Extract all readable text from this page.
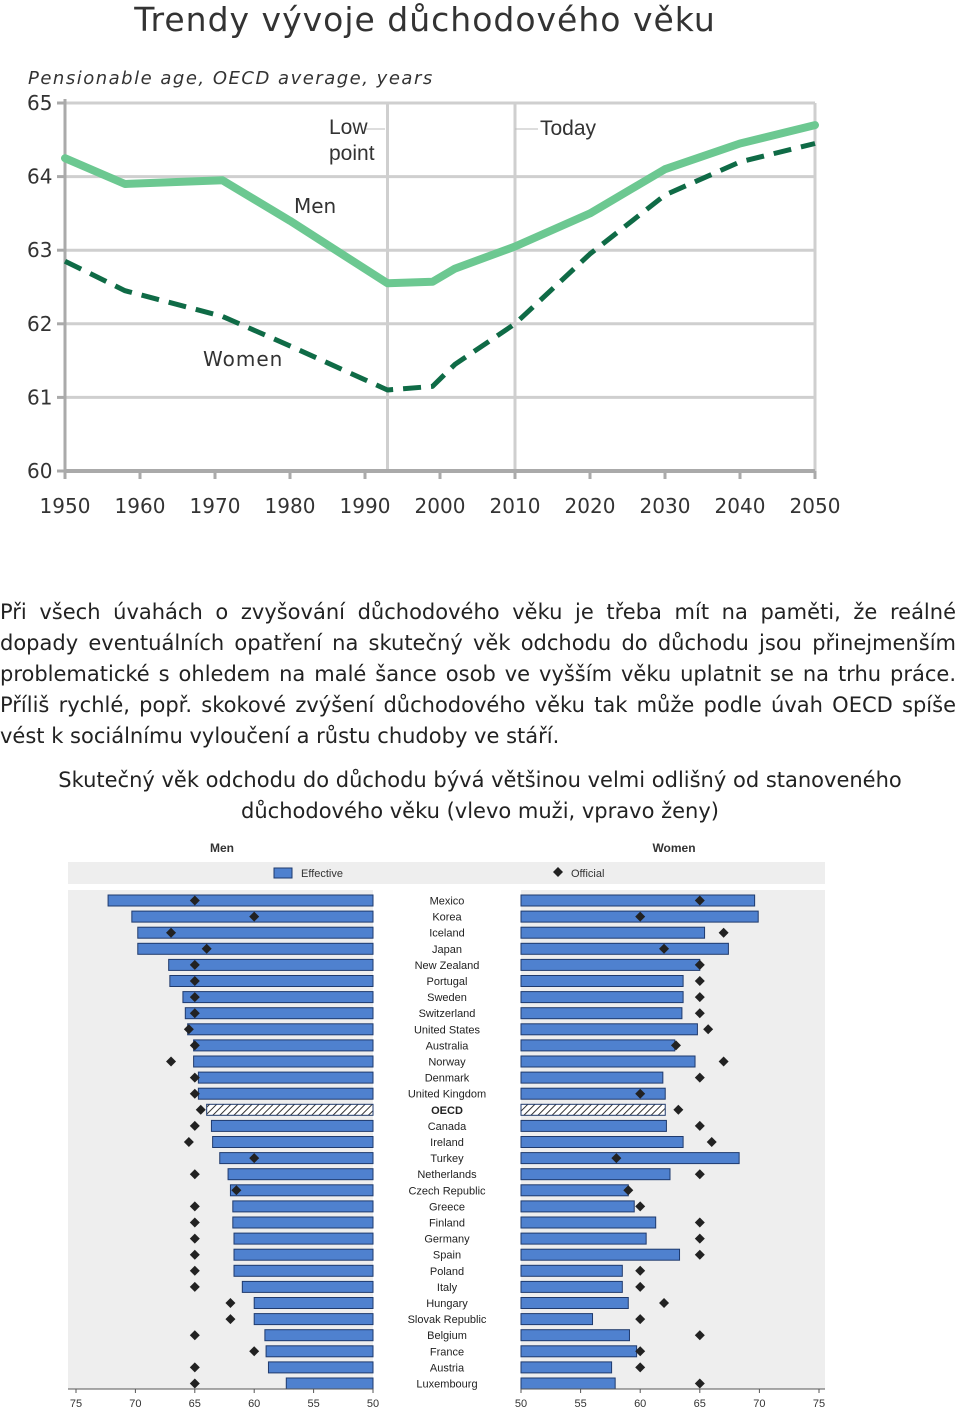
Trendy vývoje důchodového věku
Pensionable age, OECD average, years
60
61
62
63
64
65
1950 1960 1970 1980 1990 2000 2010 2020 2030 2040 2050
Low
point
Today
Men
Women
Při všech úvahách o zvyšování důchodového věku je třeba mít na paměti, že reálné dopady eventuálních opatření na skutečný věk odchodu do důchodu jsou přinejmenším problematické s ohledem na malé šance osob ve vyšším věku uplatnit se na trhu práce. Příliš rychlé, popř. skokové zvýšení důchodového věku tak může podle úvah OECD spíše vést k sociálnímu vyloučení a růstu chudoby ve stáří.
Skutečný věk odchodu do důchodu bývá většinou velmi odlišný od stanoveného důchodového věku (vlevo muži, vpravo ženy)
Men	Women
Effective	Official
Mexico
Korea
Iceland
Japan
New Zealand
Portugal
Sweden
Switzerland
United States
Australia
Norway
Denmark
United Kingdom
OECD
Canada
Ireland
Turkey
Netherlands
Czech Republic
Greece
Finland
Germany
Spain
Poland
Italy
Hungary
Slovak Republic
Belgium
France
Austria
Luxembourg
75	70	65	60	55	50	50	55	60	65	70	75
